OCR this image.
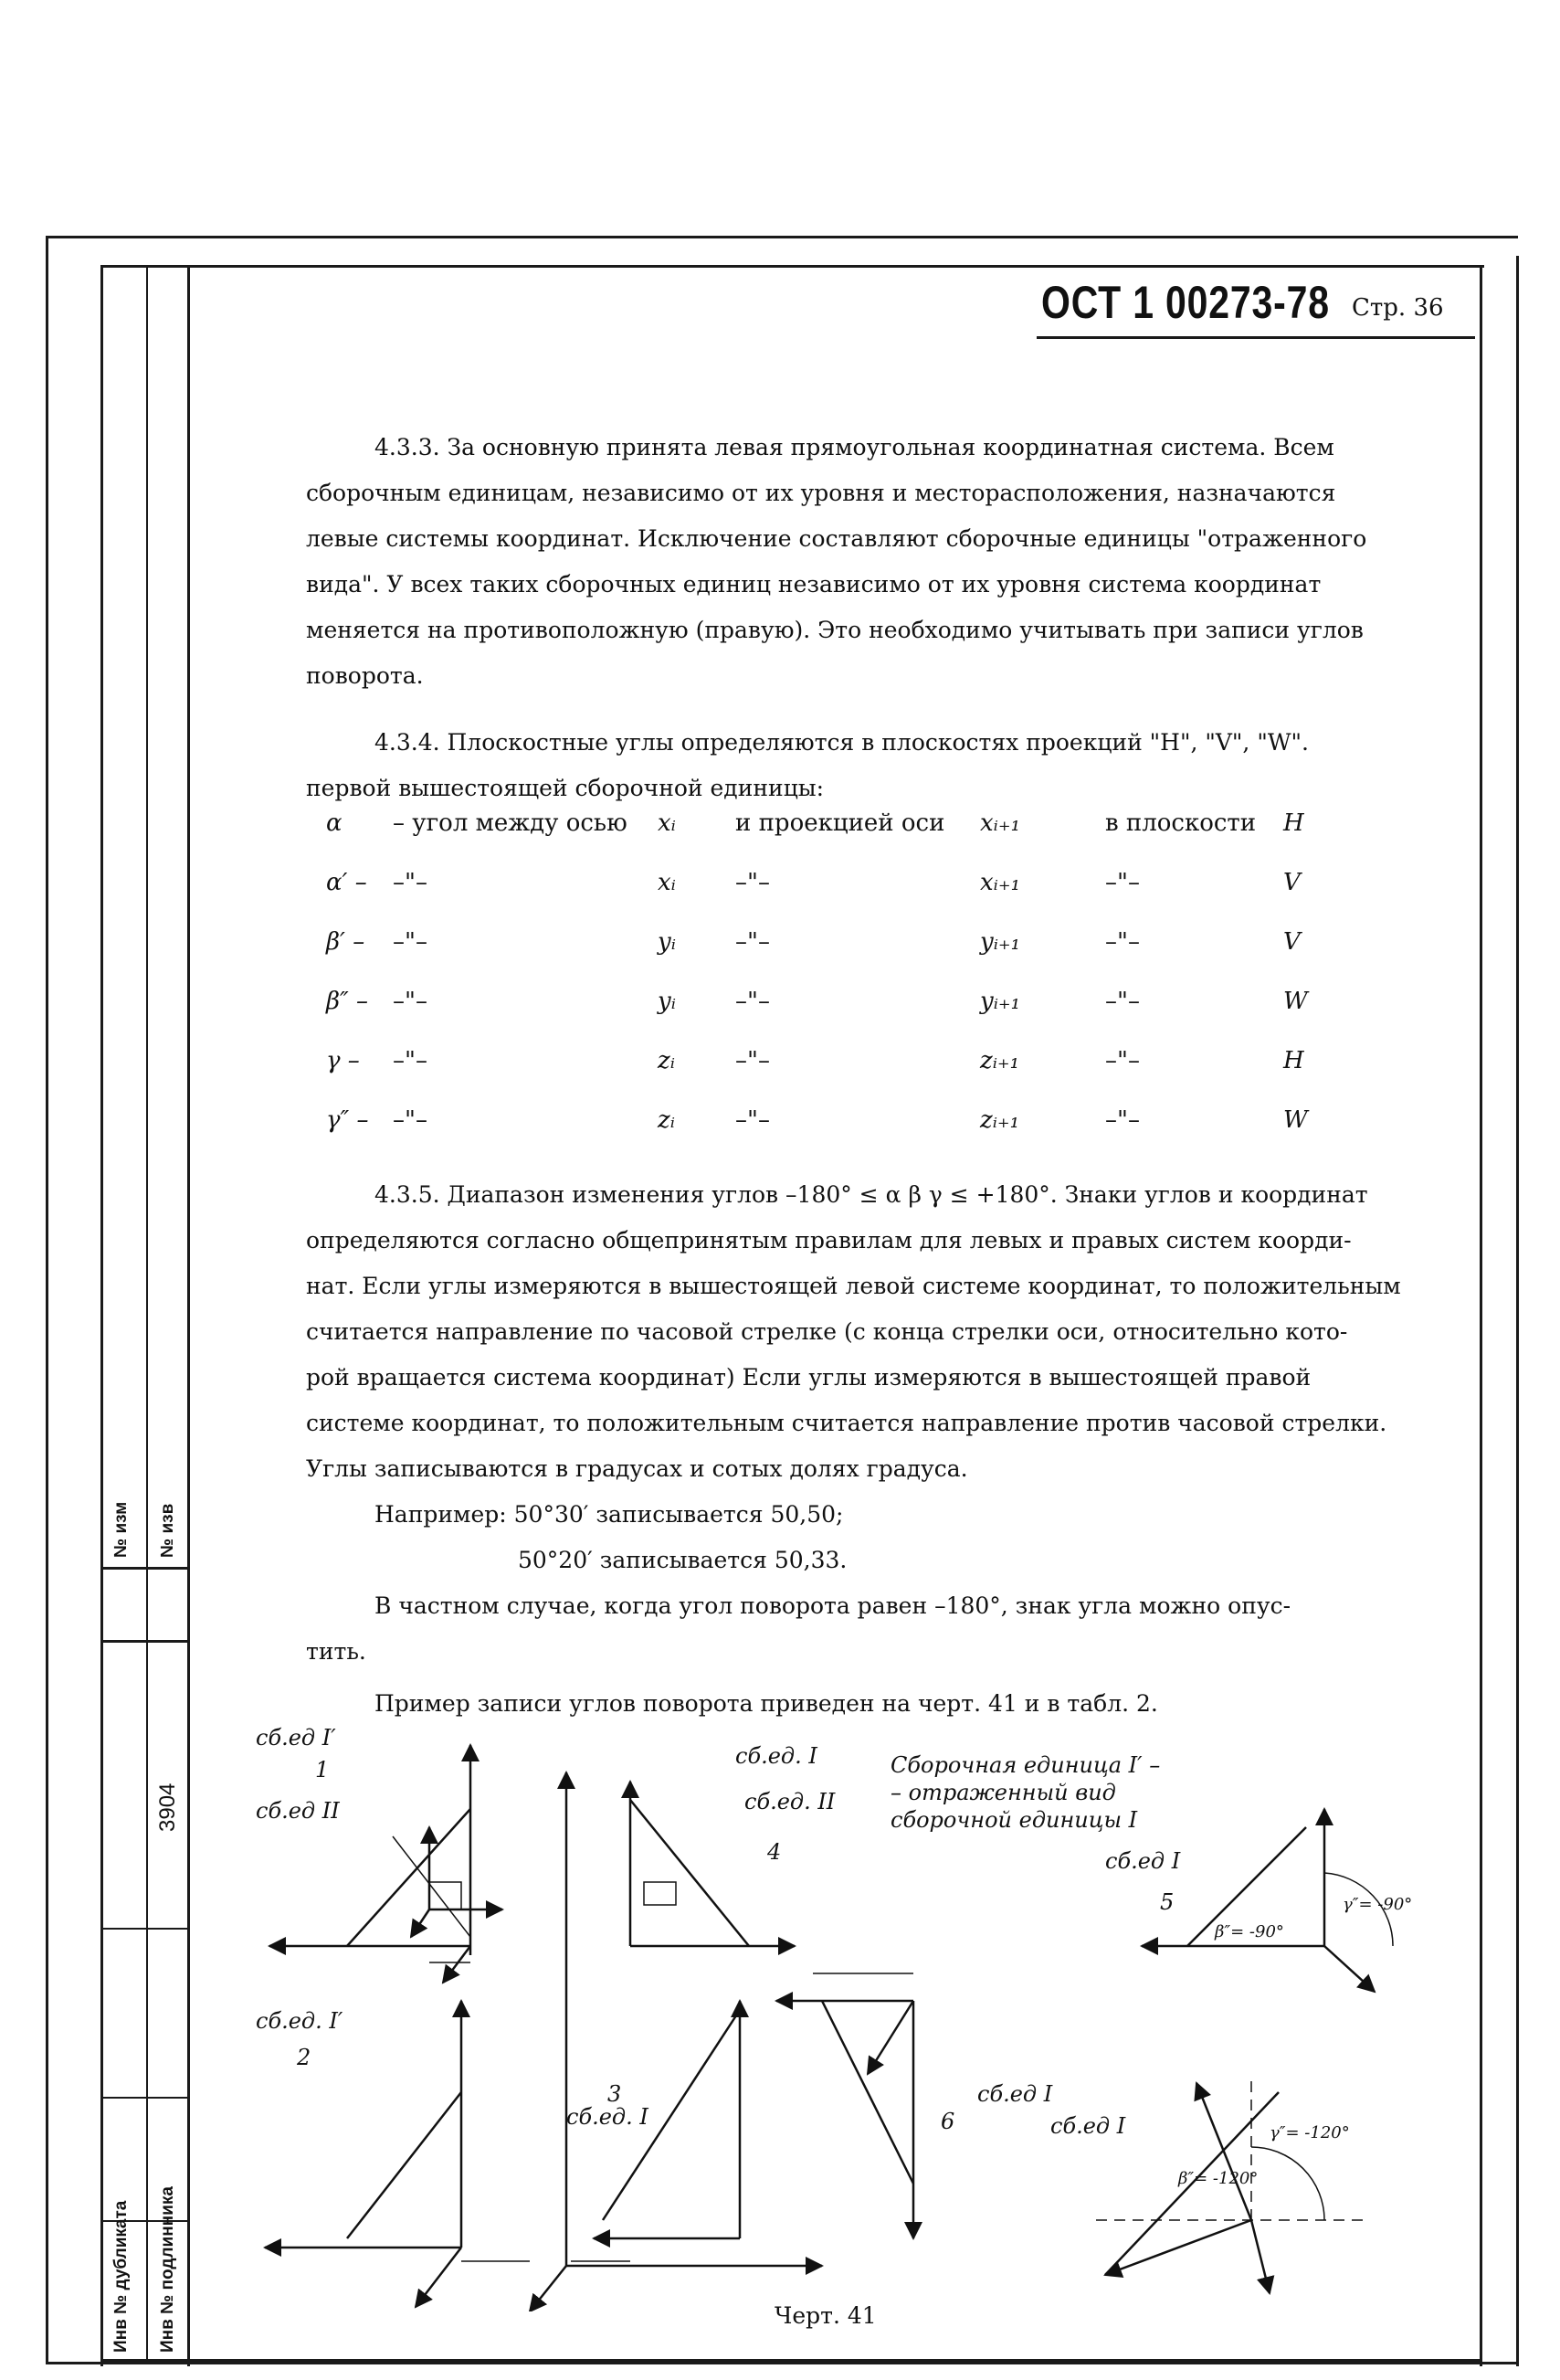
№ изм № изв
3904
Инв № дубликата Инв № подлинника
ОСТ 1 00273-78 Стр. 36
4.3.3. За основную принята левая прямоугольная координатная система. Всем
сборочным единицам, независимо от их уровня и месторасположения, назначаются
левые системы координат. Исключение составляют сборочные единицы "отраженного
вида". У всех таких сборочных единиц независимо от их уровня система координат
меняется на противоположную (правую). Это необходимо учитывать при записи углов
поворота.
4.3.4. Плоскостные углы определяются в плоскостях проекций "H", "V", "W".
первой вышестоящей сборочной единицы:
α – угол между осью xᵢ	и проекцией оси xᵢ₊₁	в плоскости H
α′ – –"–	xᵢ	–"–	xᵢ₊₁	–"–	V
β′ – –"–	yᵢ	–"–	yᵢ₊₁	–"–	V
β″ – –"–	yᵢ	–"–	yᵢ₊₁	–"–	W
γ – –"–	zᵢ	–"–	zᵢ₊₁	–"–	H
γ″ – –"–	zᵢ	–"–	zᵢ₊₁	–"–	W
4.3.5. Диапазон изменения углов –180° ≤ α β γ ≤ +180°. Знаки углов и координат
определяются согласно общепринятым правилам для левых и правых систем коорди-
нат. Если углы измеряются в вышестоящей левой системе координат, то положительным
считается направление по часовой стрелке (с конца стрелки оси, относительно кото-
рой вращается система координат) Если углы измеряются в вышестоящей правой
системе координат, то положительным считается направление против часовой стрелки.
Углы записываются в градусах и сотых долях градуса.
Например: 50°30′ записывается 50,50;
50°20′ записывается 50,33.
В частном случае, когда угол поворота равен –180°, знак угла можно опус-
тить.
Пример записи углов поворота приведен на черт. 41 и в табл. 2.
сб.ед I′
1
сб.ед II
сб.ед. I′
2
3
сб.ед. I
сб.ед. II
сб.ед. I
4
Сборочная единица I′ –
– отраженный вид
сборочной единицы I
сб.ед I
5
β″= -90°
γ″= -90°
сб.ед I
6	сб.ед I
β″= -120°
γ″= -120°
Черт. 41
